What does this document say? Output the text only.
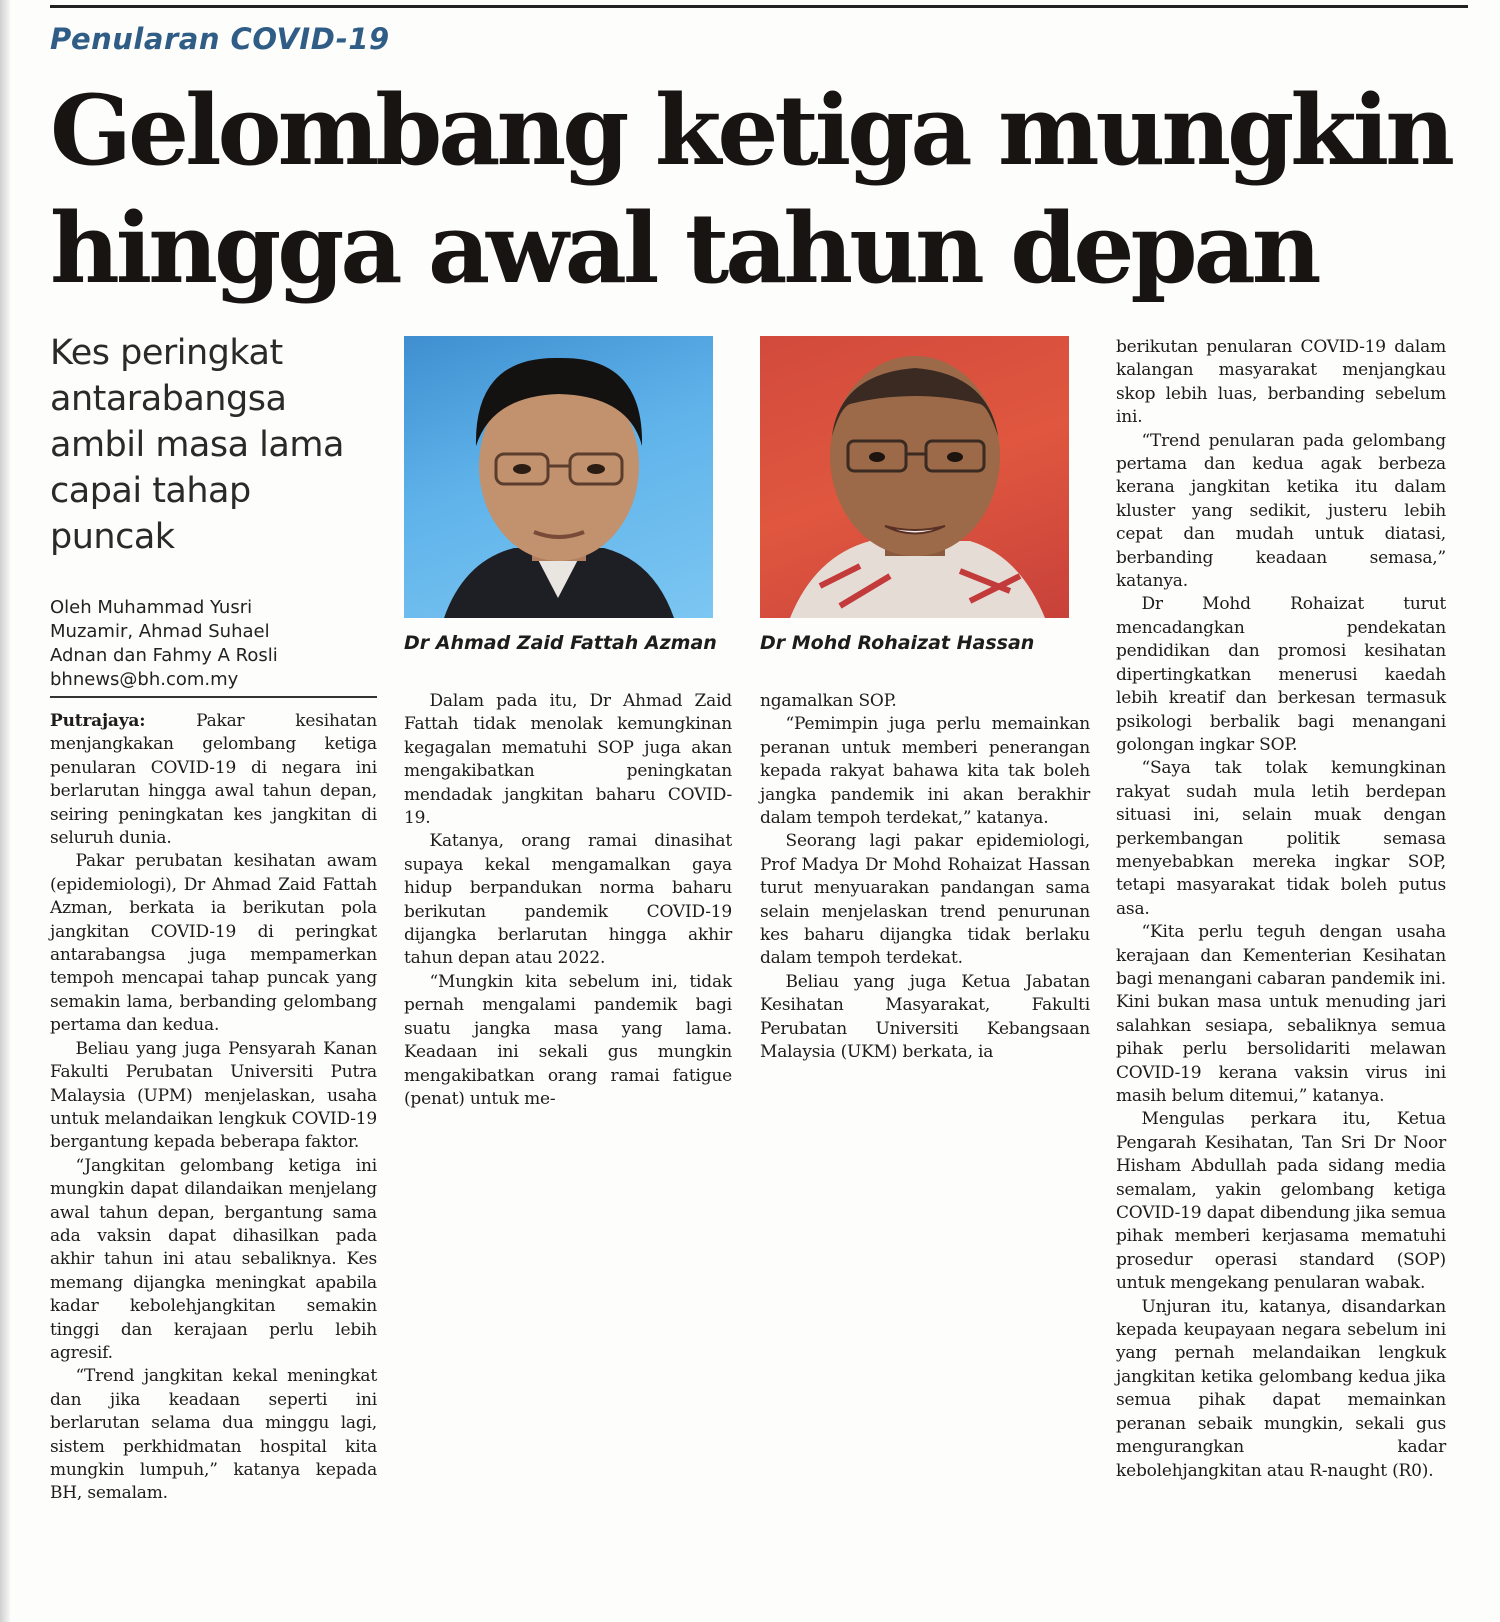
Penularan COVID-19
Gelombang ketiga mungkin
hingga awal tahun depan
Kes peringkat antarabangsa ambil masa lama capai tahap puncak
Oleh Muhammad Yusri
Muzamir, Ahmad Suhael
Adnan dan Fahmy A Rosli
bhnews@bh.com.my

Putrajaya:	Pakar kesihatan menjangkakan gelombang ketiga penularan COVID-19 di negara ini berlarutan hingga awal tahun depan, seiring peningkatan kes jangkitan di seluruh dunia.

Pakar perubatan kesihatan awam (epidemiologi), Dr Ahmad Zaid Fattah Azman, berkata ia berikutan pola jangkitan COVID-19 di peringkat antarabangsa juga mempamerkan tempoh mencapai tahap puncak yang semakin lama, berbanding gelombang pertama dan kedua.

Beliau yang juga Pensyarah Kanan Fakulti Perubatan Universiti Putra Malaysia (UPM) menjelaskan, usaha untuk melandaikan lengkuk COVID-19 bergantung kepada beberapa faktor.

“Jangkitan gelombang ketiga ini mungkin dapat dilandaikan menjelang awal tahun depan, bergantung sama ada vaksin dapat dihasilkan pada akhir tahun ini atau sebaliknya. Kes memang dijangka meningkat apabila kadar kebolehjangkitan semakin tinggi dan kerajaan perlu lebih agresif.

“Trend jangkitan kekal meningkat dan jika keadaan seperti ini berlarutan selama dua minggu lagi, sistem perkhidmatan hospital kita mungkin lumpuh,” katanya kepada BH, semalam.

Dr Ahmad Zaid Fattah Azman Dr Mohd Rohaizat Hassan

Dalam pada itu, Dr Ahmad Zaid Fattah tidak menolak kemungkinan kegagalan mematuhi SOP juga akan mengakibatkan peningkatan mendadak jangkitan baharu COVID-19.

Katanya, orang ramai dinasihat supaya kekal mengamalkan gaya hidup berpandukan norma baharu berikutan pandemik COVID-19 dijangka berlarutan hingga akhir tahun depan atau 2022.

“Mungkin kita sebelum ini, tidak pernah mengalami pandemik bagi suatu jangka masa yang lama. Keadaan ini sekali gus mungkin mengakibatkan orang ramai fatigue (penat) untuk me-

ngamalkan SOP.

“Pemimpin juga perlu memainkan peranan untuk memberi penerangan kepada rakyat bahawa kita tak boleh jangka pandemik ini akan berakhir dalam tempoh terdekat,” katanya.

Seorang lagi pakar epidemiologi, Prof Madya Dr Mohd Rohaizat Hassan turut menyuarakan pandangan sama selain menjelaskan trend penurunan kes baharu dijangka tidak berlaku dalam tempoh terdekat.

Beliau yang juga Ketua Jabatan Kesihatan Masyarakat, Fakulti Perubatan Universiti Kebangsaan Malaysia (UKM) berkata, ia

berikutan penularan COVID-19 dalam kalangan masyarakat menjangkau skop lebih luas, berbanding sebelum ini.

“Trend penularan pada gelombang pertama dan kedua agak berbeza kerana jangkitan ketika itu dalam kluster yang sedikit, justeru lebih cepat dan mudah untuk diatasi, berbanding keadaan semasa,” katanya.

Dr Mohd Rohaizat turut mencadangkan pendekatan pendidikan dan promosi kesihatan dipertingkatkan menerusi kaedah lebih kreatif dan berkesan termasuk psikologi berbalik bagi menangani golongan ingkar SOP.

“Saya tak tolak kemungkinan rakyat sudah mula letih berdepan situasi ini, selain muak dengan perkembangan politik semasa menyebabkan mereka ingkar SOP, tetapi masyarakat tidak boleh putus asa.

“Kita perlu teguh dengan usaha kerajaan dan Kementerian Kesihatan bagi menangani cabaran pandemik ini. Kini bukan masa untuk menuding jari salahkan sesiapa, sebaliknya semua pihak perlu bersolidariti melawan COVID-19 kerana vaksin virus ini masih belum ditemui,” katanya.

Mengulas perkara itu, Ketua Pengarah Kesihatan, Tan Sri Dr Noor Hisham Abdullah pada sidang media semalam, yakin gelombang ketiga COVID-19 dapat dibendung jika semua pihak memberi kerjasama mematuhi prosedur operasi standard (SOP) untuk mengekang penularan wabak.

Unjuran itu, katanya, disandarkan kepada keupayaan negara sebelum ini yang pernah melandaikan lengkuk jangkitan ketika gelombang kedua jika semua pihak dapat memainkan peranan sebaik mungkin, sekali gus mengurangkan kadar kebolehjangkitan atau R-naught (R0).
